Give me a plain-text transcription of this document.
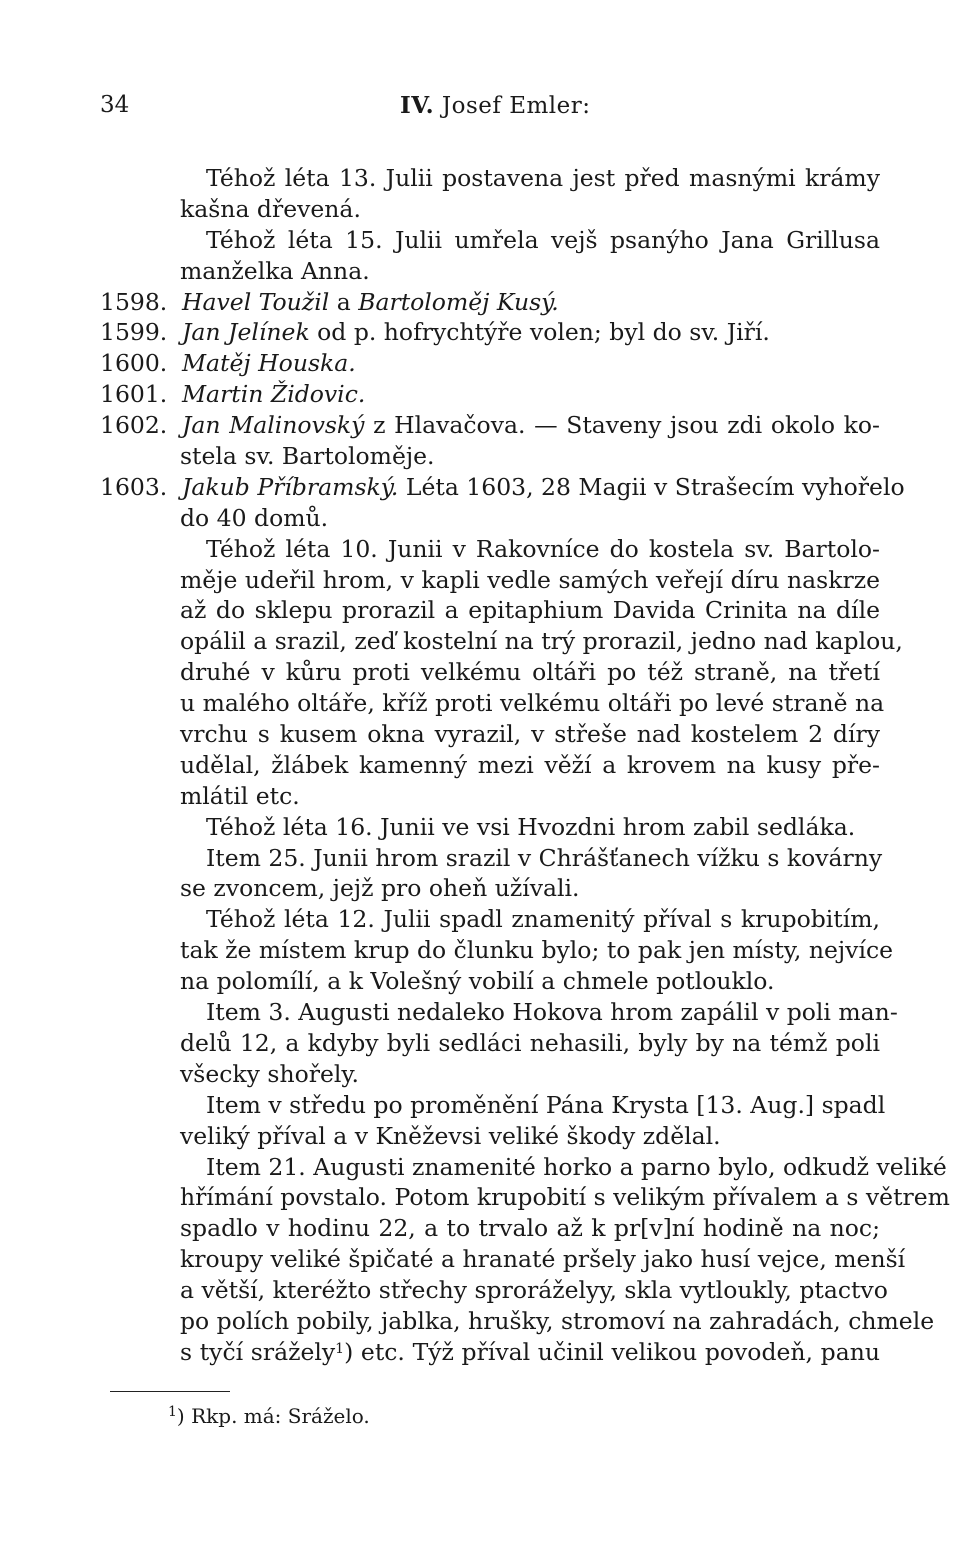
34	IV. Josef Emler:
Téhož léta 13. Julii postavena jest před masnými krámy
kašna dřevená.
Téhož léta 15. Julii umřela vejš psanýho Jana Grillusa
manželka Anna.
1598. Havel Toužil a Bartoloměj Kusý.
1599. Jan Jelínek od p. hofrychtýře volen; byl do sv. Jiří.
1600. Matěj Houska.
1601. Martin Židovic.
1602. Jan Malinovský z Hlavačova. — Staveny jsou zdi okolo ko-
stela sv. Bartoloměje.
1603. Jakub Příbramský. Léta 1603, 28 Magii v Strašecím vyhořelo
do 40 domů.
Téhož léta 10. Junii v Rakovníce do kostela sv. Bartolo-
měje udeřil hrom, v kapli vedle samých veřejí díru naskrze
až do sklepu prorazil a epitaphium Davida Crinita na díle
opálil a srazil, zeď kostelní na trý prorazil, jedno nad kaplou,
druhé v kůru proti velkému oltáři po též straně, na třetí
u malého oltáře, kříž proti velkému oltáři po levé straně na
vrchu s kusem okna vyrazil, v střeše nad kostelem 2 díry
udělal, žlábek kamenný mezi věží a krovem na kusy pře-
mlátil etc.
Téhož léta 16. Junii ve vsi Hvozdni hrom zabil sedláka.
Item 25. Junii hrom srazil v Chrášťanech vížku s kovárny
se zvoncem, jejž pro oheň užívali.
Téhož léta 12. Julii spadl znamenitý příval s krupobitím,
tak že místem krup do člunku bylo; to pak jen místy, nejvíce
na polomílí, a k Volešný vobilí a chmele potlouklo.
Item 3. Augusti nedaleko Hokova hrom zapálil v poli man-
delů 12, a kdyby byli sedláci nehasili, byly by na témž poli
všecky shořely.
Item v středu po proměnění Pána Krysta [13. Aug.] spadl
veliký příval a v Kněževsi veliké škody zdělal.
Item 21. Augusti znamenité horko a parno bylo, odkudž veliké
hřímání povstalo. Potom krupobití s velikým přívalem a s větrem
spadlo v hodinu 22, a to trvalo až k pr[v]ní hodině na noc;
kroupy veliké špičaté a hranaté pršely jako husí vejce, menší
a větší, kteréžto střechy sproráželyy, skla vytloukly, ptactvo
po polích pobily, jablka, hrušky, stromoví na zahradách, chmele
s tyčí srážely$^1$) etc. Týž příval učinil velikou povodeň, panu
$^1$) Rkp. má: Srážel​o.
